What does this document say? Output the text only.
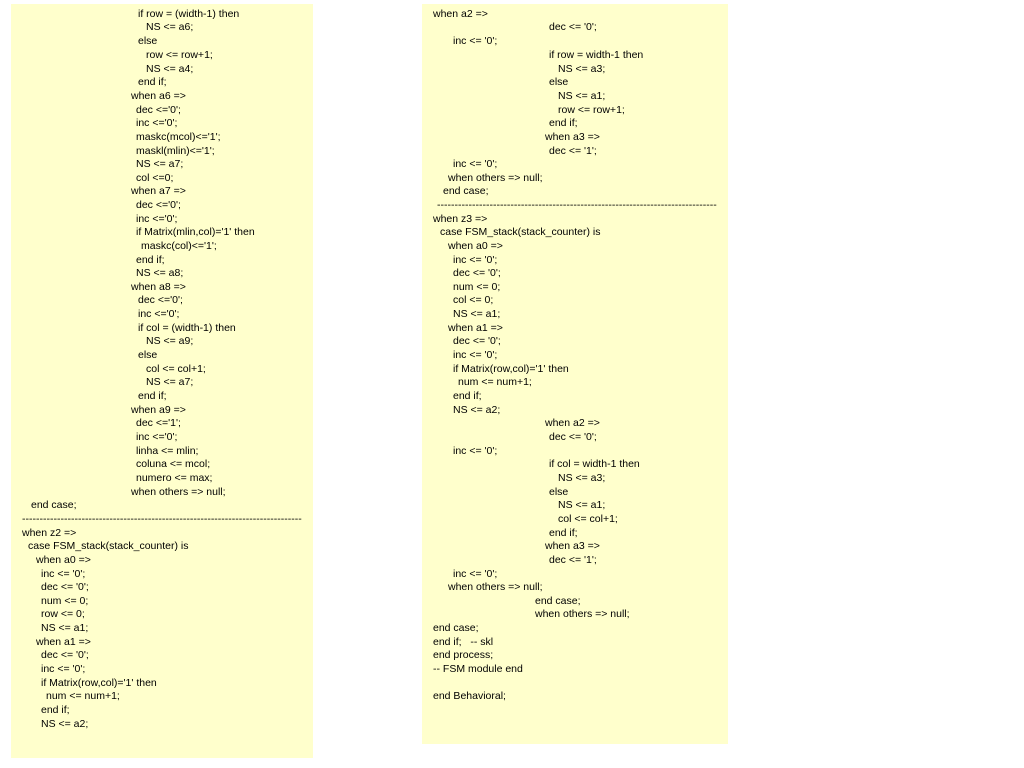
if row = (width-1) then
NS <= a6;
else
row <= row+1;
NS <= a4;
end if;
when a6 =>
dec <='0';
inc <='0';
maskc(mcol)<='1';
maskl(mlin)<='1';
NS <= a7;
col <=0;
when a7 =>
dec <='0';
inc <='0';
if Matrix(mlin,col)='1' then
maskc(col)<='1';
end if;
NS <= a8;
when a8 =>
dec <='0';
inc <='0';
if col = (width-1) then
NS <= a9;
else
col <= col+1;
NS <= a7;
end if;
when a9 =>
dec <='1';
inc <='0';
linha <= mlin;
coluna <= mcol;
numero <= max;
when others => null;
end case;
--------------------------------------------------------------------------------
when z2 =>
case FSM_stack(stack_counter) is
when a0 =>
inc <= '0';
dec <= '0';
num <= 0;
row <= 0;
NS <= a1;
when a1 =>
dec <= '0';
inc <= '0';
if Matrix(row,col)='1' then
num <= num+1;
end if;
NS <= a2;
when a2 =>
dec <= '0';
inc <= '0';
if row = width-1 then
NS <= a3;
else
NS <= a1;
row <= row+1;
end if;
when a3 =>
dec <= '1';
inc <= '0';
when others => null;
end case;
--------------------------------------------------------------------------------
when z3 =>
case FSM_stack(stack_counter) is
when a0 =>
inc <= '0';
dec <= '0';
num <= 0;
col <= 0;
NS <= a1;
when a1 =>
dec <= '0';
inc <= '0';
if Matrix(row,col)='1' then
num <= num+1;
end if;
NS <= a2;
when a2 =>
dec <= '0';
inc <= '0';
if col = width-1 then
NS <= a3;
else
NS <= a1;
col <= col+1;
end if;
when a3 =>
dec <= '1';
inc <= '0';
when others => null;
end case;
when others => null;
end case;
end if;   -- skl
end process;
-- FSM module end
end Behavioral;
